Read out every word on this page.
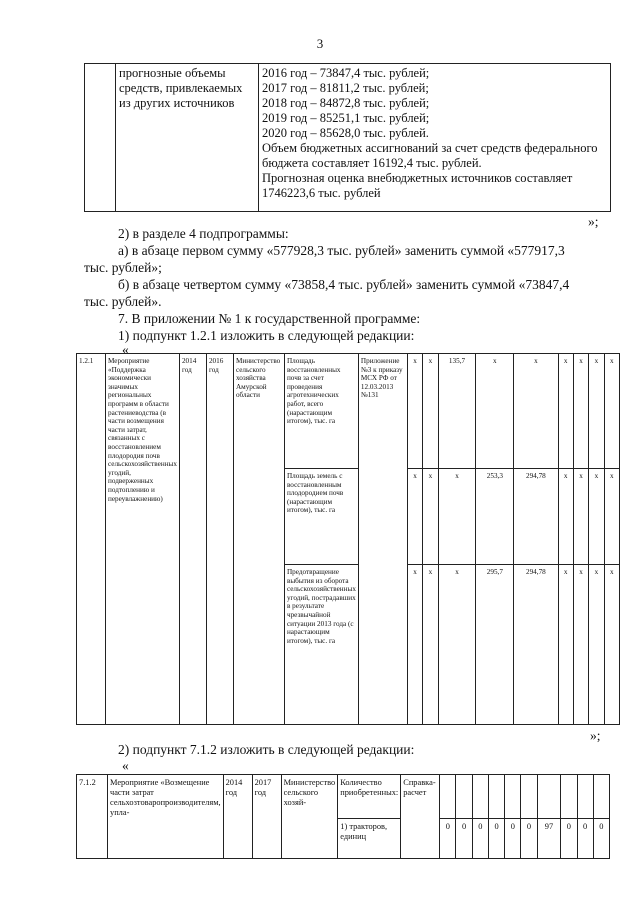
3
	прогнозные объемы средств, привлекаемых из других источников	
2016 год – 73847,4 тыс. рублей;
2017 год – 81811,2 тыс. рублей;
2018 год – 84872,8 тыс. рублей;
2019 год – 85251,1 тыс. рублей;
2020 год – 85628,0 тыс. рублей.
Объем бюджетных ассигнований за счет средств федерального бюджета составляет 16192,4 тыс. рублей.
Прогнозная оценка внебюджетных источников составляет 1746223,6 тыс. рублей
»;
2) в разделе 4 подпрограммы:
а) в абзаце первом сумму «577928,3 тыс. рублей» заменить суммой «577917,3
тыс. рублей»;
б) в абзаце четвертом сумму «73858,4 тыс. рублей» заменить суммой «73847,4
тыс. рублей».
7. В приложении № 1 к государственной программе:
1) подпункт 1.2.1 изложить в следующей редакции:
«
1.2.1	Мероприятие «Поддержка экономически значимых региональных программ в области растениеводства (в части возмещения части затрат, связанных с восстановлением плодородия почв сельскохозяйственных угодий, подверженных подтоплению и переувлажнению)	2014 год	2016 год	Министерство сельского хозяйства Амурской области	Площадь восстановленных почв за счет проведения агротехнических работ, всего (нарастающим итогом), тыс. га	Приложение №3 к приказу МСХ РФ от 12.03.2013 №131	х	х	135,7	х	х	х	х	х	х
					Площадь земель с восстановленным плодородием почв (нарастающим итогом), тыс. га		х	х	х	253,3	294,78	х	х	х	х
					Предотвращение выбытия из оборота сельскохозяйственных угодий, пострадавших в результате чрезвычайной ситуации 2013 года (с нарастающим итогом), тыс. га		х	х	х	295,7	294,78	х	х	х	х
»;
2) подпункт 7.1.2 изложить в следующей редакции:
«
7.1.2	Мероприятие «Возмещение части затрат сельхозтоваропроизводителям, упла-	2014 год	2017 год	Министерство сельского хозяй-	Количество приобретенных:	Справка-расчет										
					1) тракторов, единиц		0	0	0	0	0	0	97	0	0	0
